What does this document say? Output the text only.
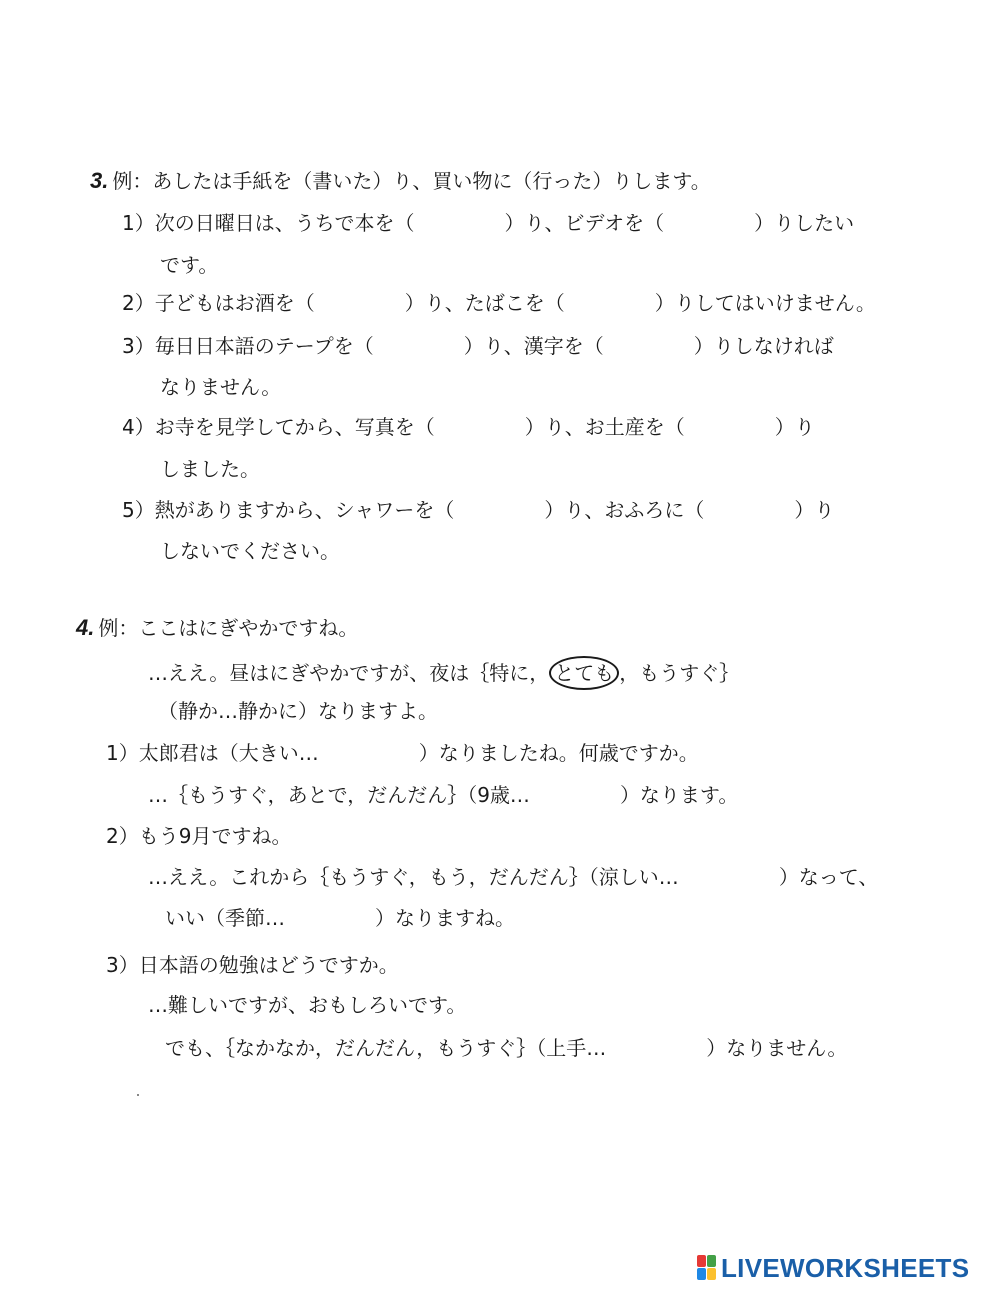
3. 例：あしたは手紙を（書いた）り、買い物に（行った）りします。
1）次の日曜日は、うちで本を（	）り、ビデオを（	）りしたい
です。
2）子どもはお酒を（	）り、たばこを（	）りしてはいけません。
3）毎日日本語のテープを（	）り、漢字を（	）りしなければ
なりません。
4）お寺を見学してから、写真を（	）り、お土産を（	）り
しました。
5）熱がありますから、シャワーを（	）り、おふろに（	）り
しないでください。
4. 例：ここはにぎやかですね。
…ええ。昼はにぎやかですが、夜は｛特に， とても ，もうすぐ｝
（静か…静かに）なりますよ。
1）太郎君は（大きい…	）なりましたね。何歳ですか。
…｛もうすぐ，あとで，だんだん｝（9歳…	）なります。
2）もう9月ですね。
…ええ。これから｛もうすぐ，もう，だんだん｝（涼しい…	）なって、
いい（季節…	）なりますね。
3）日本語の勉強はどうですか。
…難しいですが、おもしろいです。
でも、｛なかなか，だんだん，もうすぐ｝（上手…	）なりません。
LIVEWORKSHEETS
